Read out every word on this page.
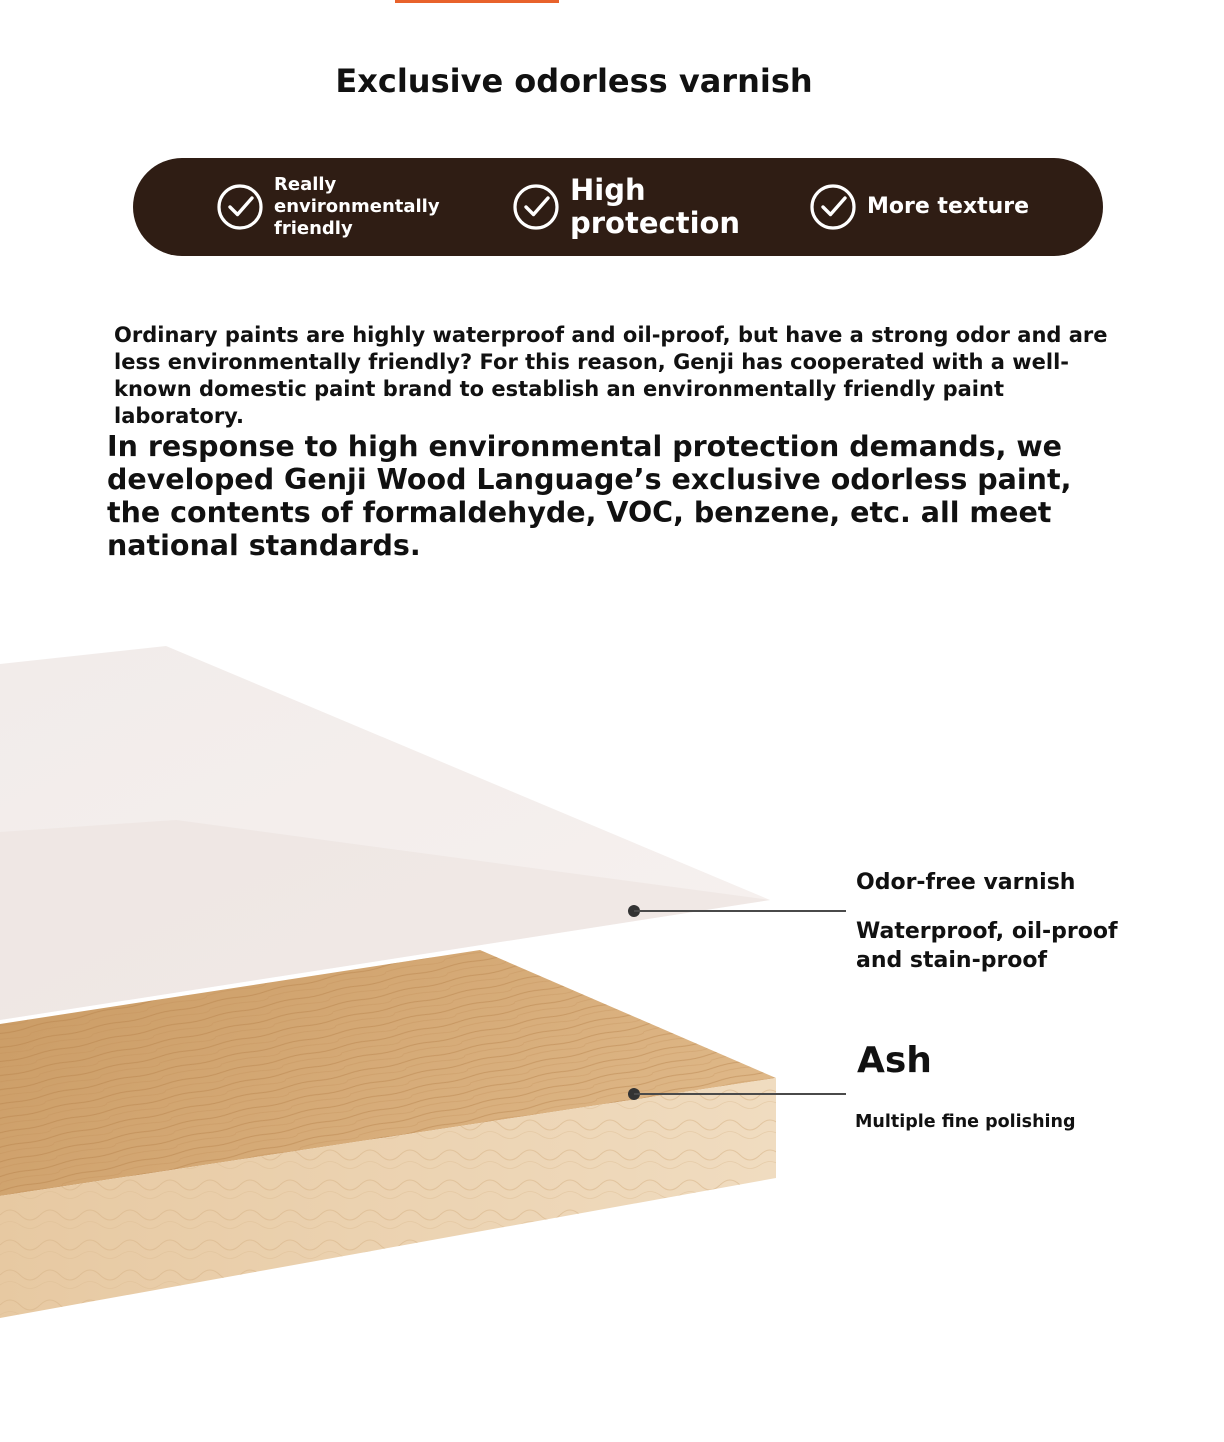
Exclusive odorless varnish
Really environmentally friendly
High protection	More texture
Ordinary paints are highly waterproof and oil-proof, but have a strong odor and are less environmentally friendly? For this reason, Genji has cooperated with a well-known domestic paint brand to establish an environmentally friendly paint laboratory.
In response to high environmental protection demands, we developed Genji Wood Language’s exclusive odorless paint, the contents of formaldehyde, VOC, benzene, etc. all meet national standards.
Odor-free varnish
Waterproof, oil-proof and stain-proof
Ash
Multiple fine polishing
